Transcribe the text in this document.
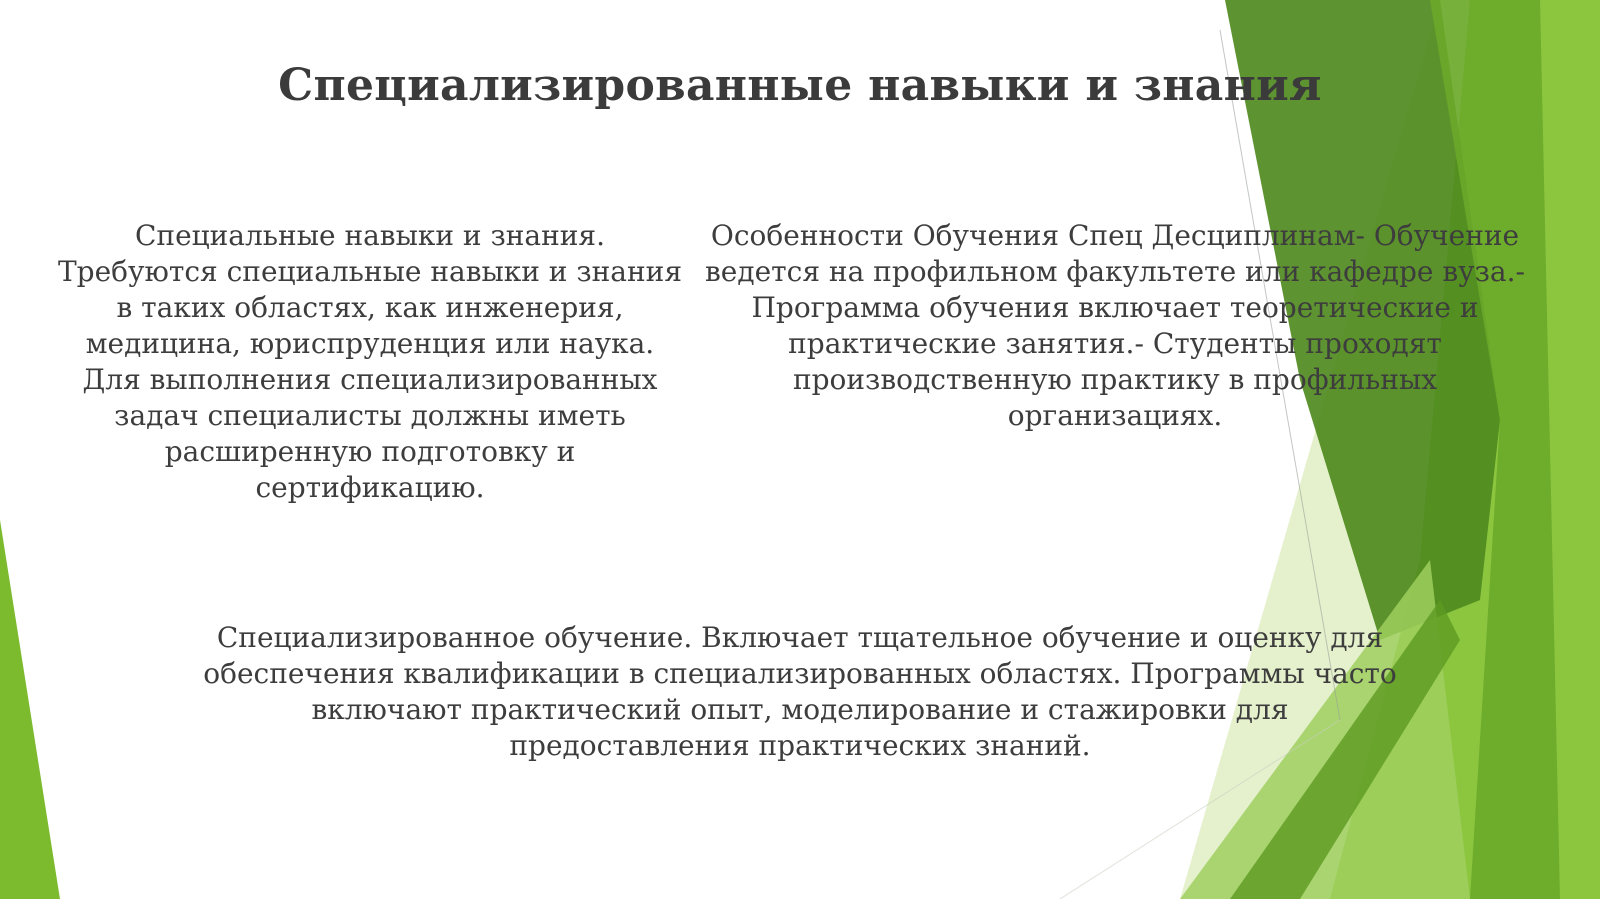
Специализированные навыки и знания

Специальные навыки и знания. Требуются специальные навыки и знания в таких областях, как инженерия, медицина, юриспруденция или наука. Для выполнения специализированных задач специалисты должны иметь расширенную подготовку и сертификацию.

Особенности Обучения Спец Десциплинам- Обучение ведется на профильном факультете или кафедре вуза.- Программа обучения включает теоретические и практические занятия.- Студенты проходят производственную практику в профильных организациях.

Специализированное обучение. Включает тщательное обучение и оценку для обеспечения квалификации в специализированных областях. Программы часто включают практический опыт, моделирование и стажировки для предоставления практических знаний.
